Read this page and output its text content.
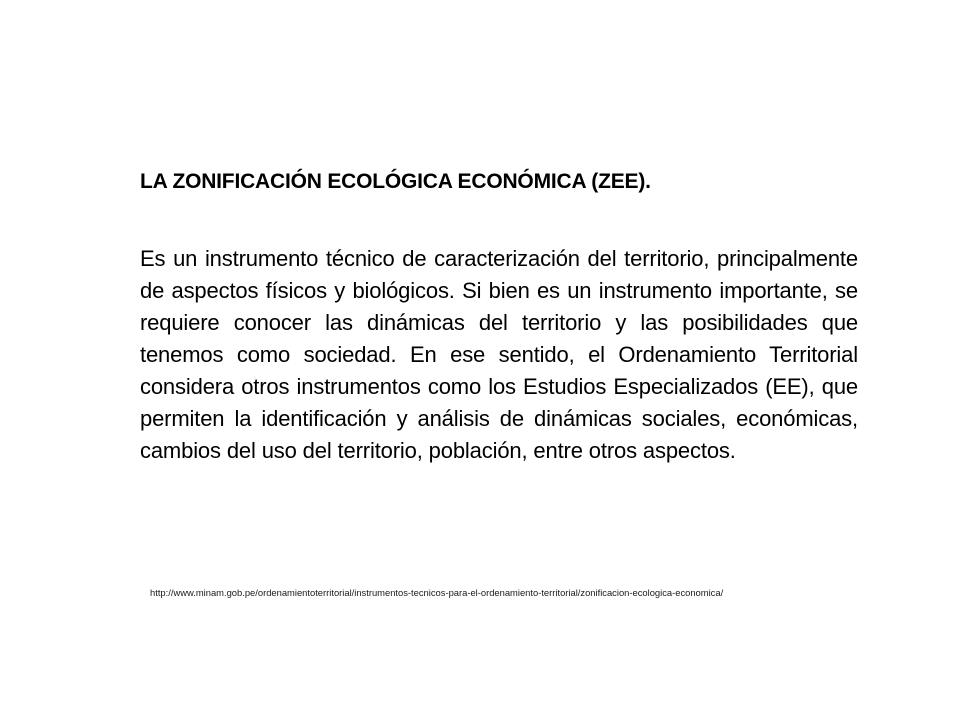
LA ZONIFICACIÓN ECOLÓGICA ECONÓMICA (ZEE).

Es un instrumento técnico de caracterización del territorio, principalmente de aspectos físicos y biológicos. Si bien es un instrumento importante, se requiere conocer las dinámicas del territorio y las posibilidades que tenemos como sociedad. En ese sentido, el Ordenamiento Territorial considera otros instrumentos como los Estudios Especializados (EE), que permiten la identificación y análisis de dinámicas sociales, económicas, cambios del uso del territorio, población, entre otros aspectos.

http://www.minam.gob.pe/ordenamientoterritorial/instrumentos-tecnicos-para-el-ordenamiento-territorial/zonificacion-ecologica-economica/
